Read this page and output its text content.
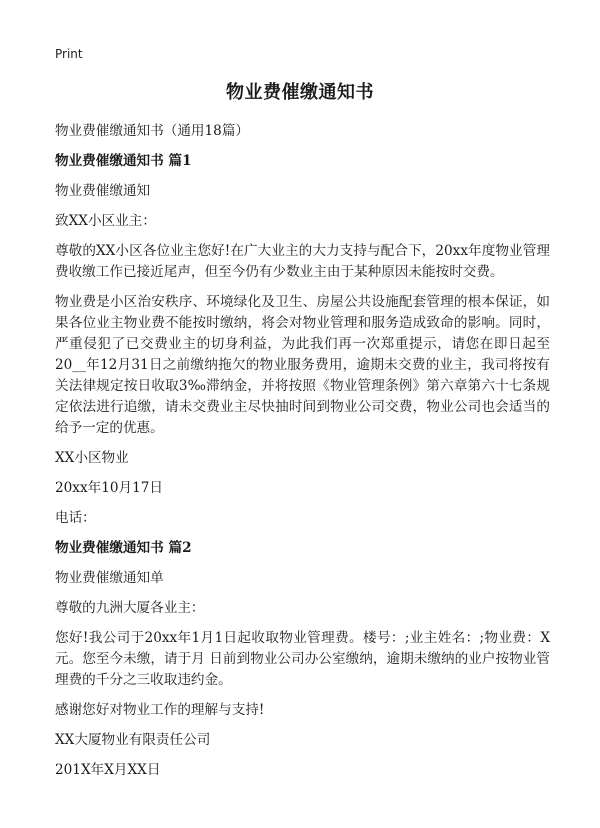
Print
物业费催缴通知书

物业费催缴通知书（通用18篇）

物业费催缴通知书 篇1

物业费催缴通知

致XX小区业主：

尊敬的XX小区各位业主您好!在广大业主的大力支持与配合下，20xx年度物业管理费收缴工作已接近尾声，但至今仍有少数业主由于某种原因未能按时交费。

物业费是小区治安秩序、环境绿化及卫生、房屋公共设施配套管理的根本保证，如果各位业主物业费不能按时缴纳，将会对物业管理和服务造成致命的影响。同时，严重侵犯了已交费业主的切身利益，为此我们再一次郑重提示，请您在即日起至20__年12月31日之前缴纳拖欠的物业服务费用，逾期未交费的业主，我司将按有关法律规定按日收取3‰滞纳金，并将按照《物业管理条例》第六章第六十七条规定依法进行追缴，请未交费业主尽快抽时间到物业公司交费，物业公司也会适当的给予一定的优惠。

XX小区物业

20xx年10月17日

电话：

物业费催缴通知书 篇2

物业费催缴通知单

尊敬的九洲大厦各业主：

您好!我公司于20xx年1月1日起收取物业管理费。楼号：;业主姓名：;物业费：X元。您至今未缴，请于月 日前到物业公司办公室缴纳，逾期未缴纳的业户按物业管理费的千分之三收取违约金。

感谢您好对物业工作的理解与支持!

XX大厦物业有限责任公司

201X年X月XX日
